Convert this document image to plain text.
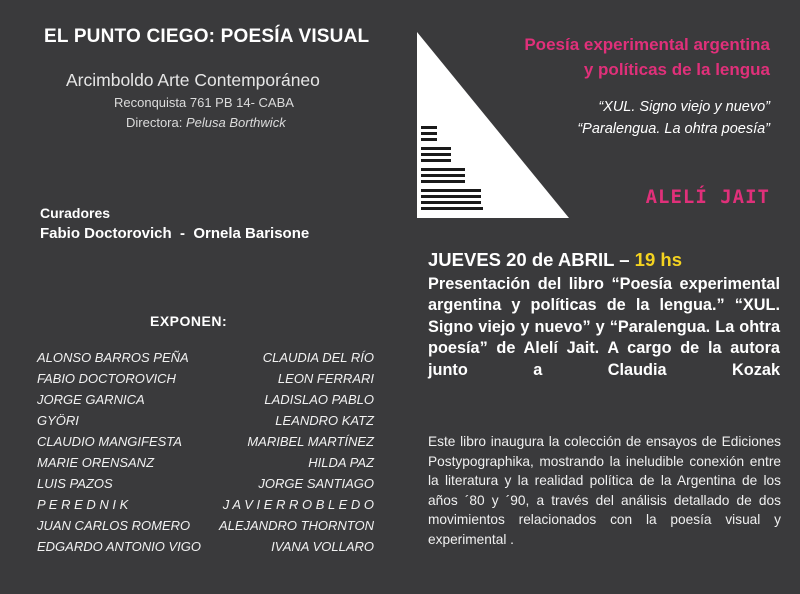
EL PUNTO CIEGO: POESÍA VISUAL
Arcimboldo Arte Contemporáneo
Reconquista 761 PB 14- CABA
Directora: Pelusa Borthwick
Curadores
Fabio Doctorovich  -  Ornela Barisone
EXPONEN:
ALONSO BARROS PEÑA
FABIO DOCTOROVICH
JORGE GARNICA
GYÖRI
CLAUDIO MANGIFESTA
MARIE ORENSANZ
LUIS PAZOS
P E R E D N I K
JUAN CARLOS ROMERO
EDGARDO ANTONIO VIGO
CLAUDIA DEL RÍO
LEON FERRARI
LADISLAO PABLO
LEANDRO KATZ
MARIBEL MARTÍNEZ
HILDA PAZ
JORGE SANTIAGO
J A V I E R R O B L E D O
ALEJANDRO THORNTON
IVANA VOLLARO
Poesía experimental argentina
y políticas de la lengua
“XUL. Signo viejo y nuevo”
“Paralengua. La ohtra poesía”
ALELÍ JAIT
JUEVES 20 de ABRIL – 19 hs
Presentación del libro “Poesía experimental argentina y políticas de la lengua.” “XUL. Signo viejo y nuevo” y “Paralengua. La ohtra poesía” de Alelí Jait. A cargo de la autora junto a Claudia Kozak
Este libro inaugura la colección de ensayos de Ediciones Postypographika, mostrando la ineludible conexión entre la literatura y la realidad política de la Argentina de los años ´80 y ´90, a través del análisis detallado de dos movimientos relacionados con la poesía visual y experimental .
